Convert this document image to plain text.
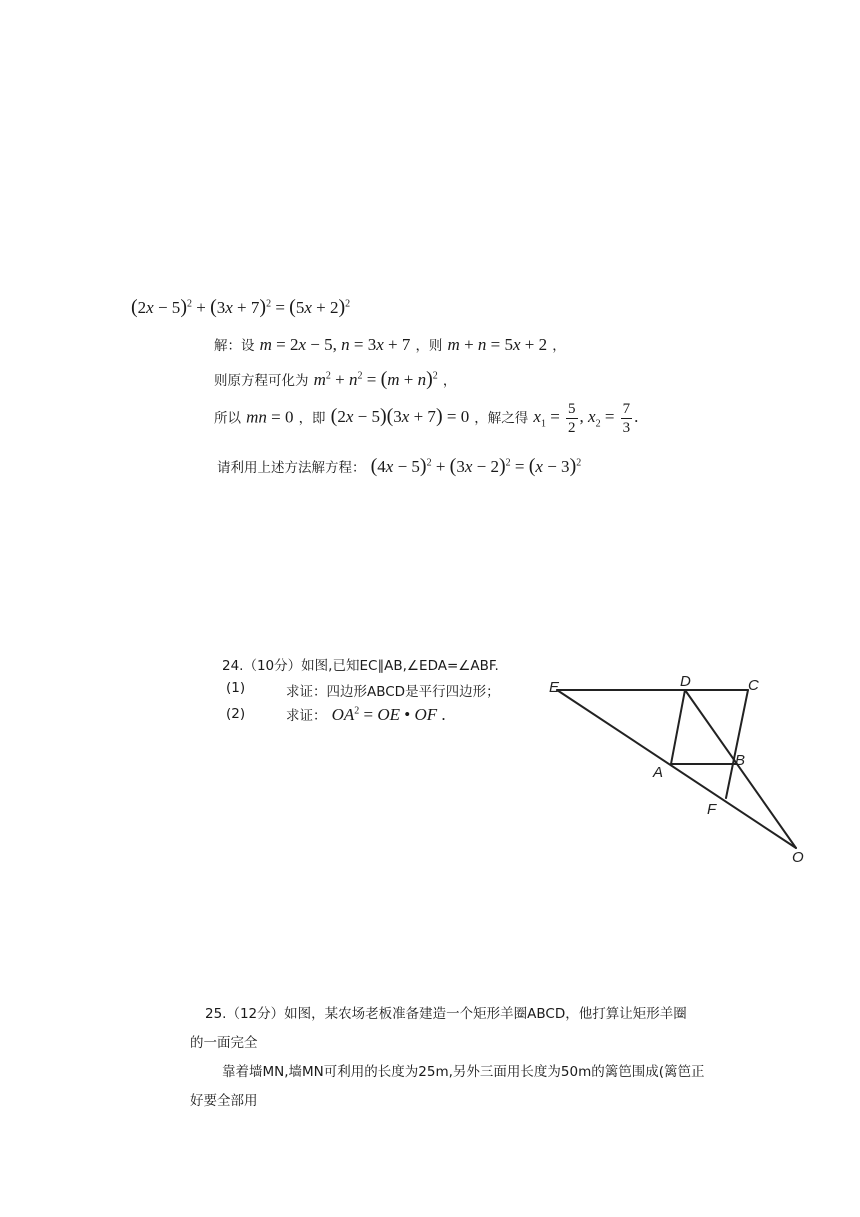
$(2x - 5)^2 + (3x + 7)^2 = (5x + 2)^2$
解：设 m = 2x − 5, n = 3x + 7 ，则 m + n = 5x + 2 ，
则原方程可化为 $m^2 + n^2 = (m + n)^2$ ，
所以 mn = 0 ，即 (2x − 5)(3x + 7) = 0 ，解之得 $x_1 = \frac{5}{2}$ , $x_2 = \frac{7}{3}$ .
请利用上述方法解方程： $(4x - 5)^2 + (3x - 2)^2 = (x - 3)^2$
24.（10分）如图,已知EC∥AB,∠EDA=∠ABF.
(1)	求证：四边形ABCD是平行四边形；
(2)	求证： $OA^2$ = OE • OF .
E	D	C
B
A
F
O
25.（12分）如图，某农场老板准备建造一个矩形羊圈ABCD，他打算让矩形羊圈
的一面完全
靠着墙MN,墙MN可利用的长度为25m,另外三面用长度为50m的篱笆围成(篱笆正
好要全部用
